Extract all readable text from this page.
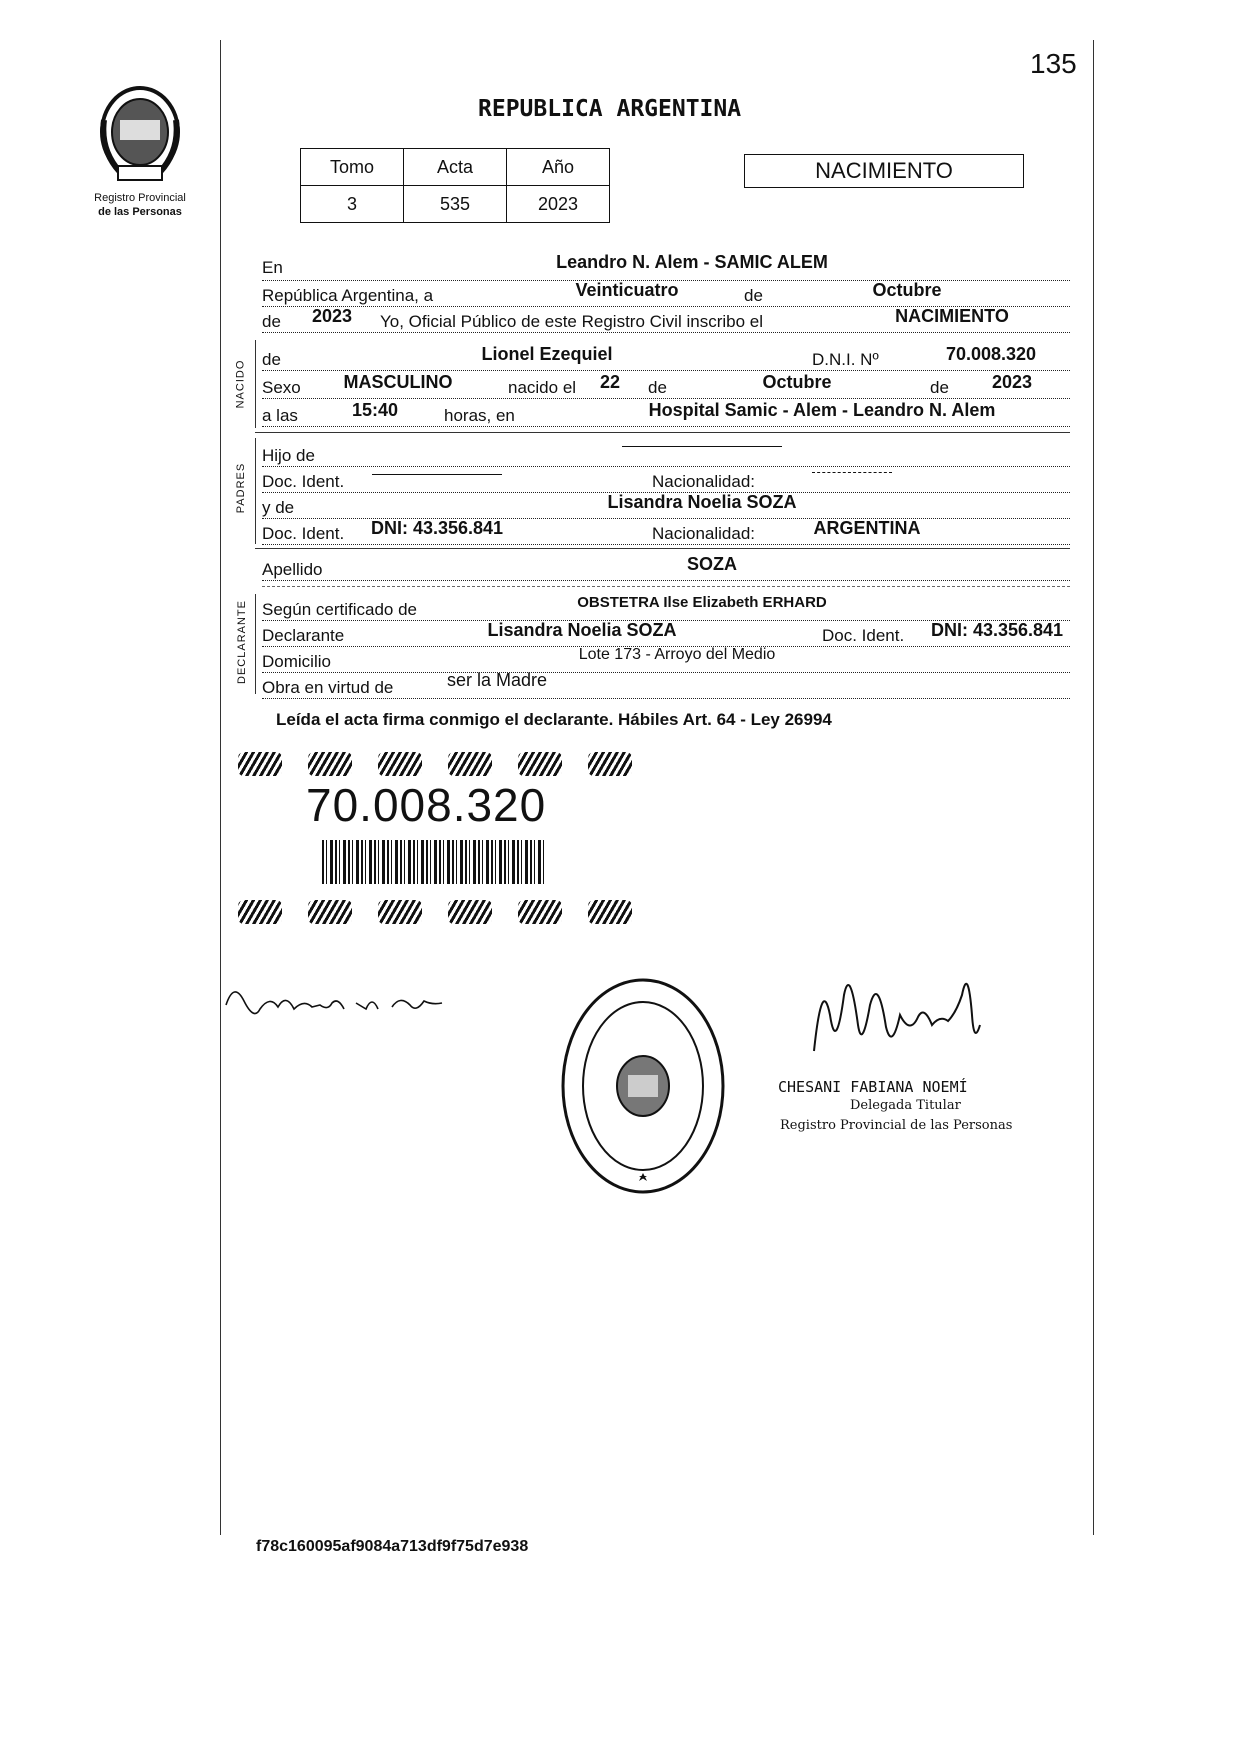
135
Registro Provincial
de las Personas
REPUBLICA ARGENTINA
Tomo	Acta	Año
3	535	2023
NACIMIENTO
En	Leandro N. Alem - SAMIC ALEM
República Argentina, a	Veinticuatro	de	Octubre
de	2023	Yo, Oficial Público de este Registro Civil inscribo el	NACIMIENTO
NACIDO
de	Lionel Ezequiel	D.N.I. Nº	70.008.320
Sexo	MASCULINO	nacido el	22	de	Octubre	de	2023
a las	15:40	horas, en	Hospital Samic - Alem - Leandro N. Alem
PADRES
Hijo de
Doc. Ident.	Nacionalidad:
y de	Lisandra Noelia SOZA
Doc. Ident.	DNI: 43.356.841	Nacionalidad:	ARGENTINA
Apellido	SOZA
DECLARANTE Según certificado de	OBSTETRA Ilse Elizabeth ERHARD
Declarante	Lisandra Noelia SOZA	Doc. Ident.	DNI: 43.356.841
Domicilio	Lote 173 - Arroyo del Medio
Obra en virtud de	ser la Madre
Leída el acta firma conmigo el declarante. Hábiles Art. 64 - Ley 26994
70.008.320
CHESANI FABIANA NOEMÍ
Delegada Titular
Registro Provincial de las Personas
f78c160095af9084a713df9f75d7e938
